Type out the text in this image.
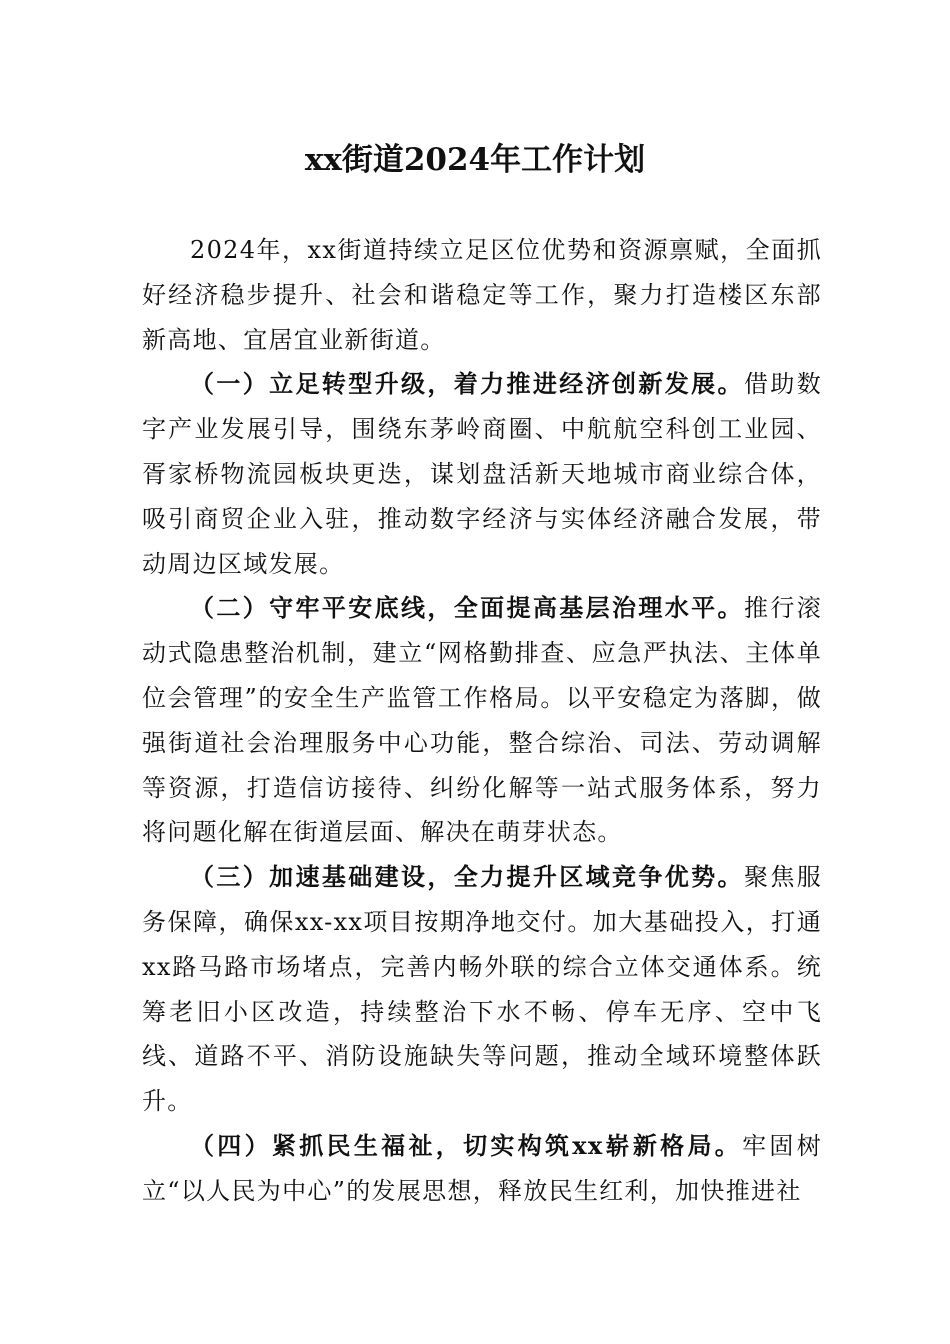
xx街道2024年工作计划

2024年，xx街道持续立足区位优势和资源禀赋，全面抓好经济稳步提升、社会和谐稳定等工作，聚力打造楼区东部新高地、宜居宜业新街道。

（一）立足转型升级，着力推进经济创新发展。借助数字产业发展引导，围绕东茅岭商圈、中航航空科创工业园、胥家桥物流园板块更迭，谋划盘活新天地城市商业综合体，吸引商贸企业入驻，推动数字经济与实体经济融合发展，带动周边区域发展。

（二）守牢平安底线，全面提高基层治理水平。推行滚动式隐患整治机制，建立“网格勤排查、应急严执法、主体单位会管理”的安全生产监管工作格局。以平安稳定为落脚，做强街道社会治理服务中心功能，整合综治、司法、劳动调解等资源，打造信访接待、纠纷化解等一站式服务体系，努力将问题化解在街道层面、解决在萌芽状态。

（三）加速基础建设，全力提升区域竞争优势。聚焦服务保障，确保xx-xx项目按期净地交付。加大基础投入，打通xx路马路市场堵点，完善内畅外联的综合立体交通体系。统筹老旧小区改造，持续整治下水不畅、停车无序、空中飞线、道路不平、消防设施缺失等问题，推动全域环境整体跃升。

（四）紧抓民生福祉，切实构筑xx崭新格局。牢固树立“以人民为中心”的发展思想，释放民生红利，加快推进社
